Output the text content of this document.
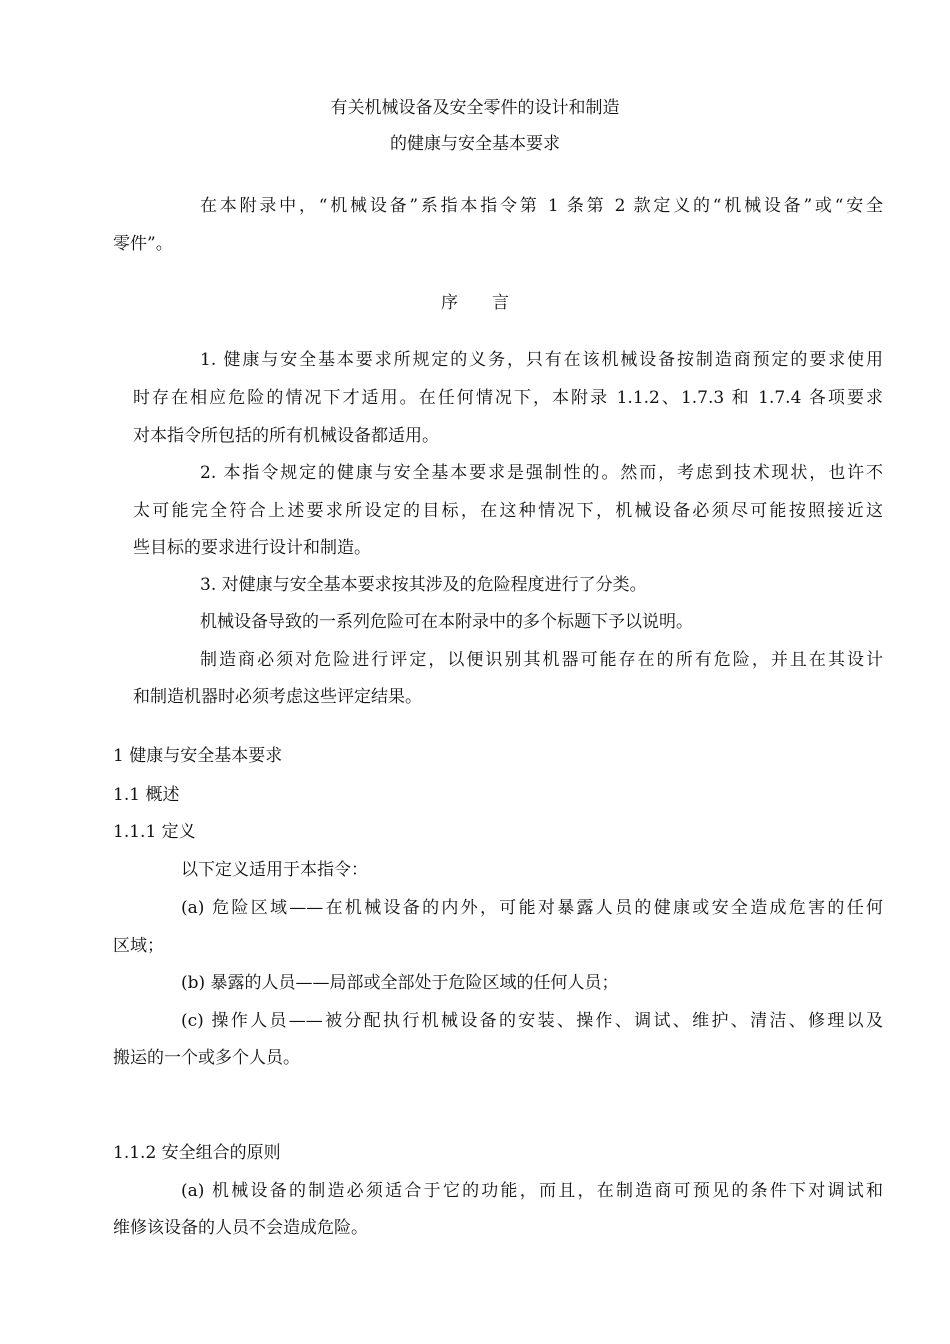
有关机械设备及安全零件的设计和制造
的健康与安全基本要求
在本附录中，“机械设备”系指本指令第 1 条第 2 款定义的“机械设备”或“安全
零件”。
序　　言
1. 健康与安全基本要求所规定的义务，只有在该机械设备按制造商预定的要求使用
时存在相应危险的情况下才适用。在任何情况下，本附录 1.1.2、1.7.3 和 1.7.4 各项要求
对本指令所包括的所有机械设备都适用。
2. 本指令规定的健康与安全基本要求是强制性的。然而，考虑到技术现状，也许不
太可能完全符合上述要求所设定的目标，在这种情况下，机械设备必须尽可能按照接近这
些目标的要求进行设计和制造。
3. 对健康与安全基本要求按其涉及的危险程度进行了分类。
机械设备导致的一系列危险可在本附录中的多个标题下予以说明。
制造商必须对危险进行评定，以便识别其机器可能存在的所有危险，并且在其设计
和制造机器时必须考虑这些评定结果。
1 健康与安全基本要求
1.1 概述
1.1.1 定义
以下定义适用于本指令：
(a) 危险区域——在机械设备的内外，可能对暴露人员的健康或安全造成危害的任何
区域；
(b) 暴露的人员——局部或全部处于危险区域的任何人员；
(c) 操作人员——被分配执行机械设备的安装、操作、调试、维护、清洁、修理以及
搬运的一个或多个人员。
1.1.2 安全组合的原则
(a) 机械设备的制造必须适合于它的功能，而且，在制造商可预见的条件下对调试和
维修该设备的人员不会造成危险。
